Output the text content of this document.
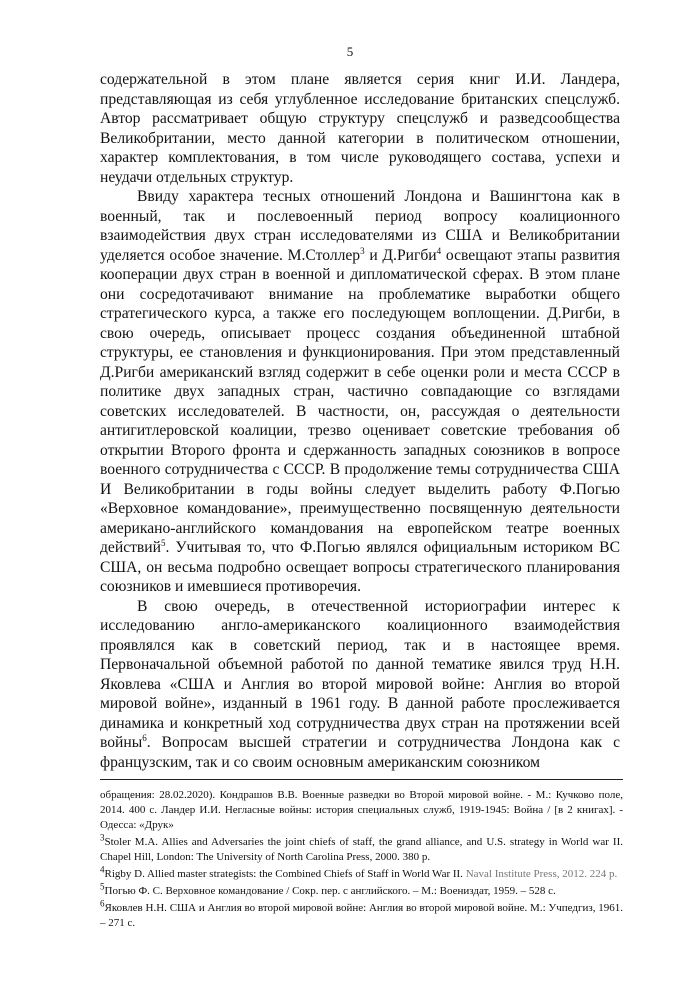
5

содержательной в этом плане является серия книг И.И. Ландера, представляющая из себя углубленное исследование британских спецслужб. Автор рассматривает общую структуру спецслужб и разведсообщества Великобритании, место данной категории в политическом отношении, характер комплектования, в том числе руководящего состава, успехи и неудачи отдельных структур.

Ввиду характера тесных отношений Лондона и Вашингтона как в военный, так и послевоенный период вопросу коалиционного взаимодействия двух стран исследователями из США и Великобритании уделяется особое значение. М.Столлер$^3$ и Д.Ригби$^4$ освещают этапы развития кооперации двух стран в военной и дипломатической сферах. В этом плане они сосредотачивают внимание на проблематике выработки общего стратегического курса, а также его последующем воплощении. Д.Ригби, в свою очередь, описывает процесс создания объединенной штабной структуры, ее становления и функционирования. При этом представленный Д.Ригби американский взгляд содержит в себе оценки роли и места СССР в политике двух западных стран, частично совпадающие со взглядами советских исследователей. В частности, он, рассуждая о деятельности антигитлеровской коалиции, трезво оценивает советские требования об открытии Второго фронта и сдержанность западных союзников в вопросе военного сотрудничества с СССР. В продолжение темы сотрудничества США И Великобритании в годы войны следует выделить работу Ф.Погью «Верховное командование», преимущественно посвященную деятельности американо-английского командования на европейском театре военных действий$^5$. Учитывая то, что Ф.Погью являлся официальным историком ВС США, он весьма подробно освещает вопросы стратегического планирования союзников и имевшиеся противоречия.

В свою очередь, в отечественной историографии интерес к исследованию англо-американского коалиционного взаимодействия проявлялся как в советский период, так и в настоящее время. Первоначальной объемной работой по данной тематике явился труд Н.Н. Яковлева «США и Англия во второй мировой войне: Англия во второй мировой войне», изданный в 1961 году. В данной работе прослеживается динамика и конкретный ход сотрудничества двух стран на протяжении всей войны$^6$. Вопросам высшей стратегии и сотрудничества Лондона как с французским, так и со своим основным американским союзником

обращения: 28.02.2020). Кондрашов В.В. Военные разведки во Второй мировой войне. - М.: Кучково поле, 2014. 400 с. Ландер И.И. Негласные войны: история специальных служб, 1919-1945: Война / [в 2 книгах]. - Одесса: «Друк»
$^3$Stoler M.A. Allies and Adversaries the joint chiefs of staff, the grand alliance, and U.S. strategy in World war II. Chapel Hill, London: The University of North Carolina Press, 2000. 380 p.
$^4$Rigby D. Allied master strategists: the Combined Chiefs of Staff in World War II. Naval Institute Press, 2012. 224 p.
$^5$Погью Ф. С. Верховное командование / Сокр. пер. с английского. – М.: Воениздат, 1959. – 528 с.
$^6$Яковлев Н.Н. США и Англия во второй мировой войне: Англия во второй мировой войне. М.: Учпедгиз, 1961. – 271 с.
